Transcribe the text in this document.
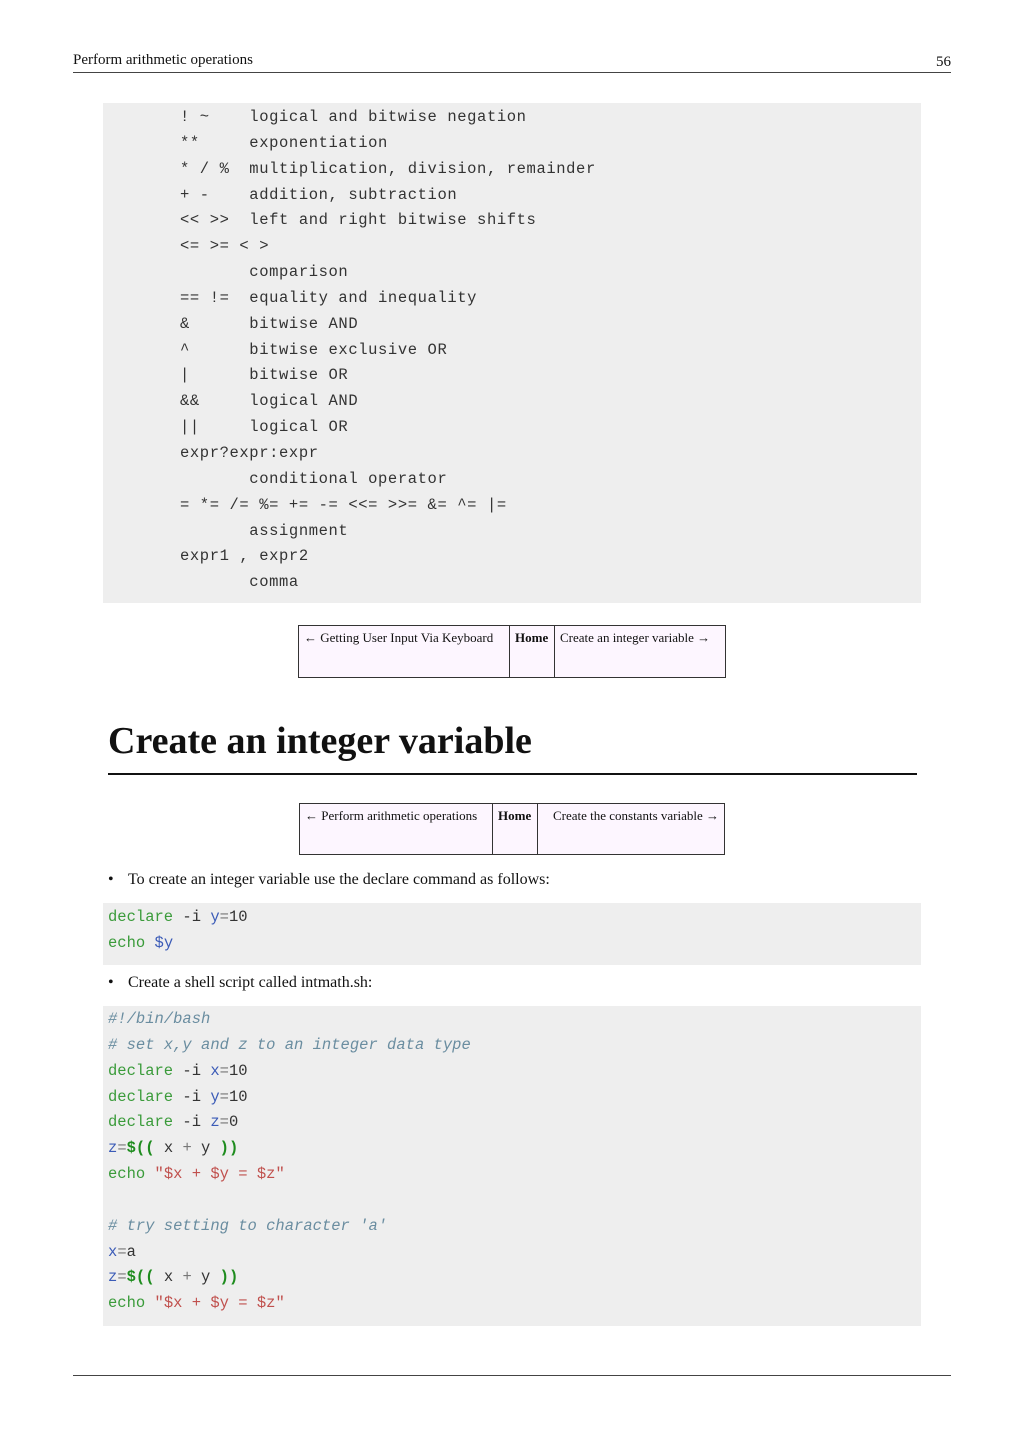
Perform arithmetic operations	56
! ~    logical and bitwise negation
**     exponentiation
* / %  multiplication, division, remainder
+ -    addition, subtraction
<< >>  left and right bitwise shifts
<= >= < >
comparison
== !=  equality and inequality
&      bitwise AND
^      bitwise exclusive OR
|      bitwise OR
&&     logical AND
||     logical OR
expr?expr:expr
conditional operator
= *= /= %= += -= <<= >>= &= ^= |=
assignment
expr1 , expr2
comma
← Getting User Input Via Keyboard	Home	Create an integer variable →
Create an integer variable
← Perform arithmetic operations	Home	Create the constants variable →
• To create an integer variable use the declare command as follows:
declare -i y=10
echo $y
• Create a shell script called intmath.sh:
#!/bin/bash
# set x,y and z to an integer data type
declare -i x=10
declare -i y=10
declare -i z=0
z=$(( x + y ))
echo "$x + $y = $z"

# try setting to character 'a'
x=a
z=$(( x + y ))
echo "$x + $y = $z"
